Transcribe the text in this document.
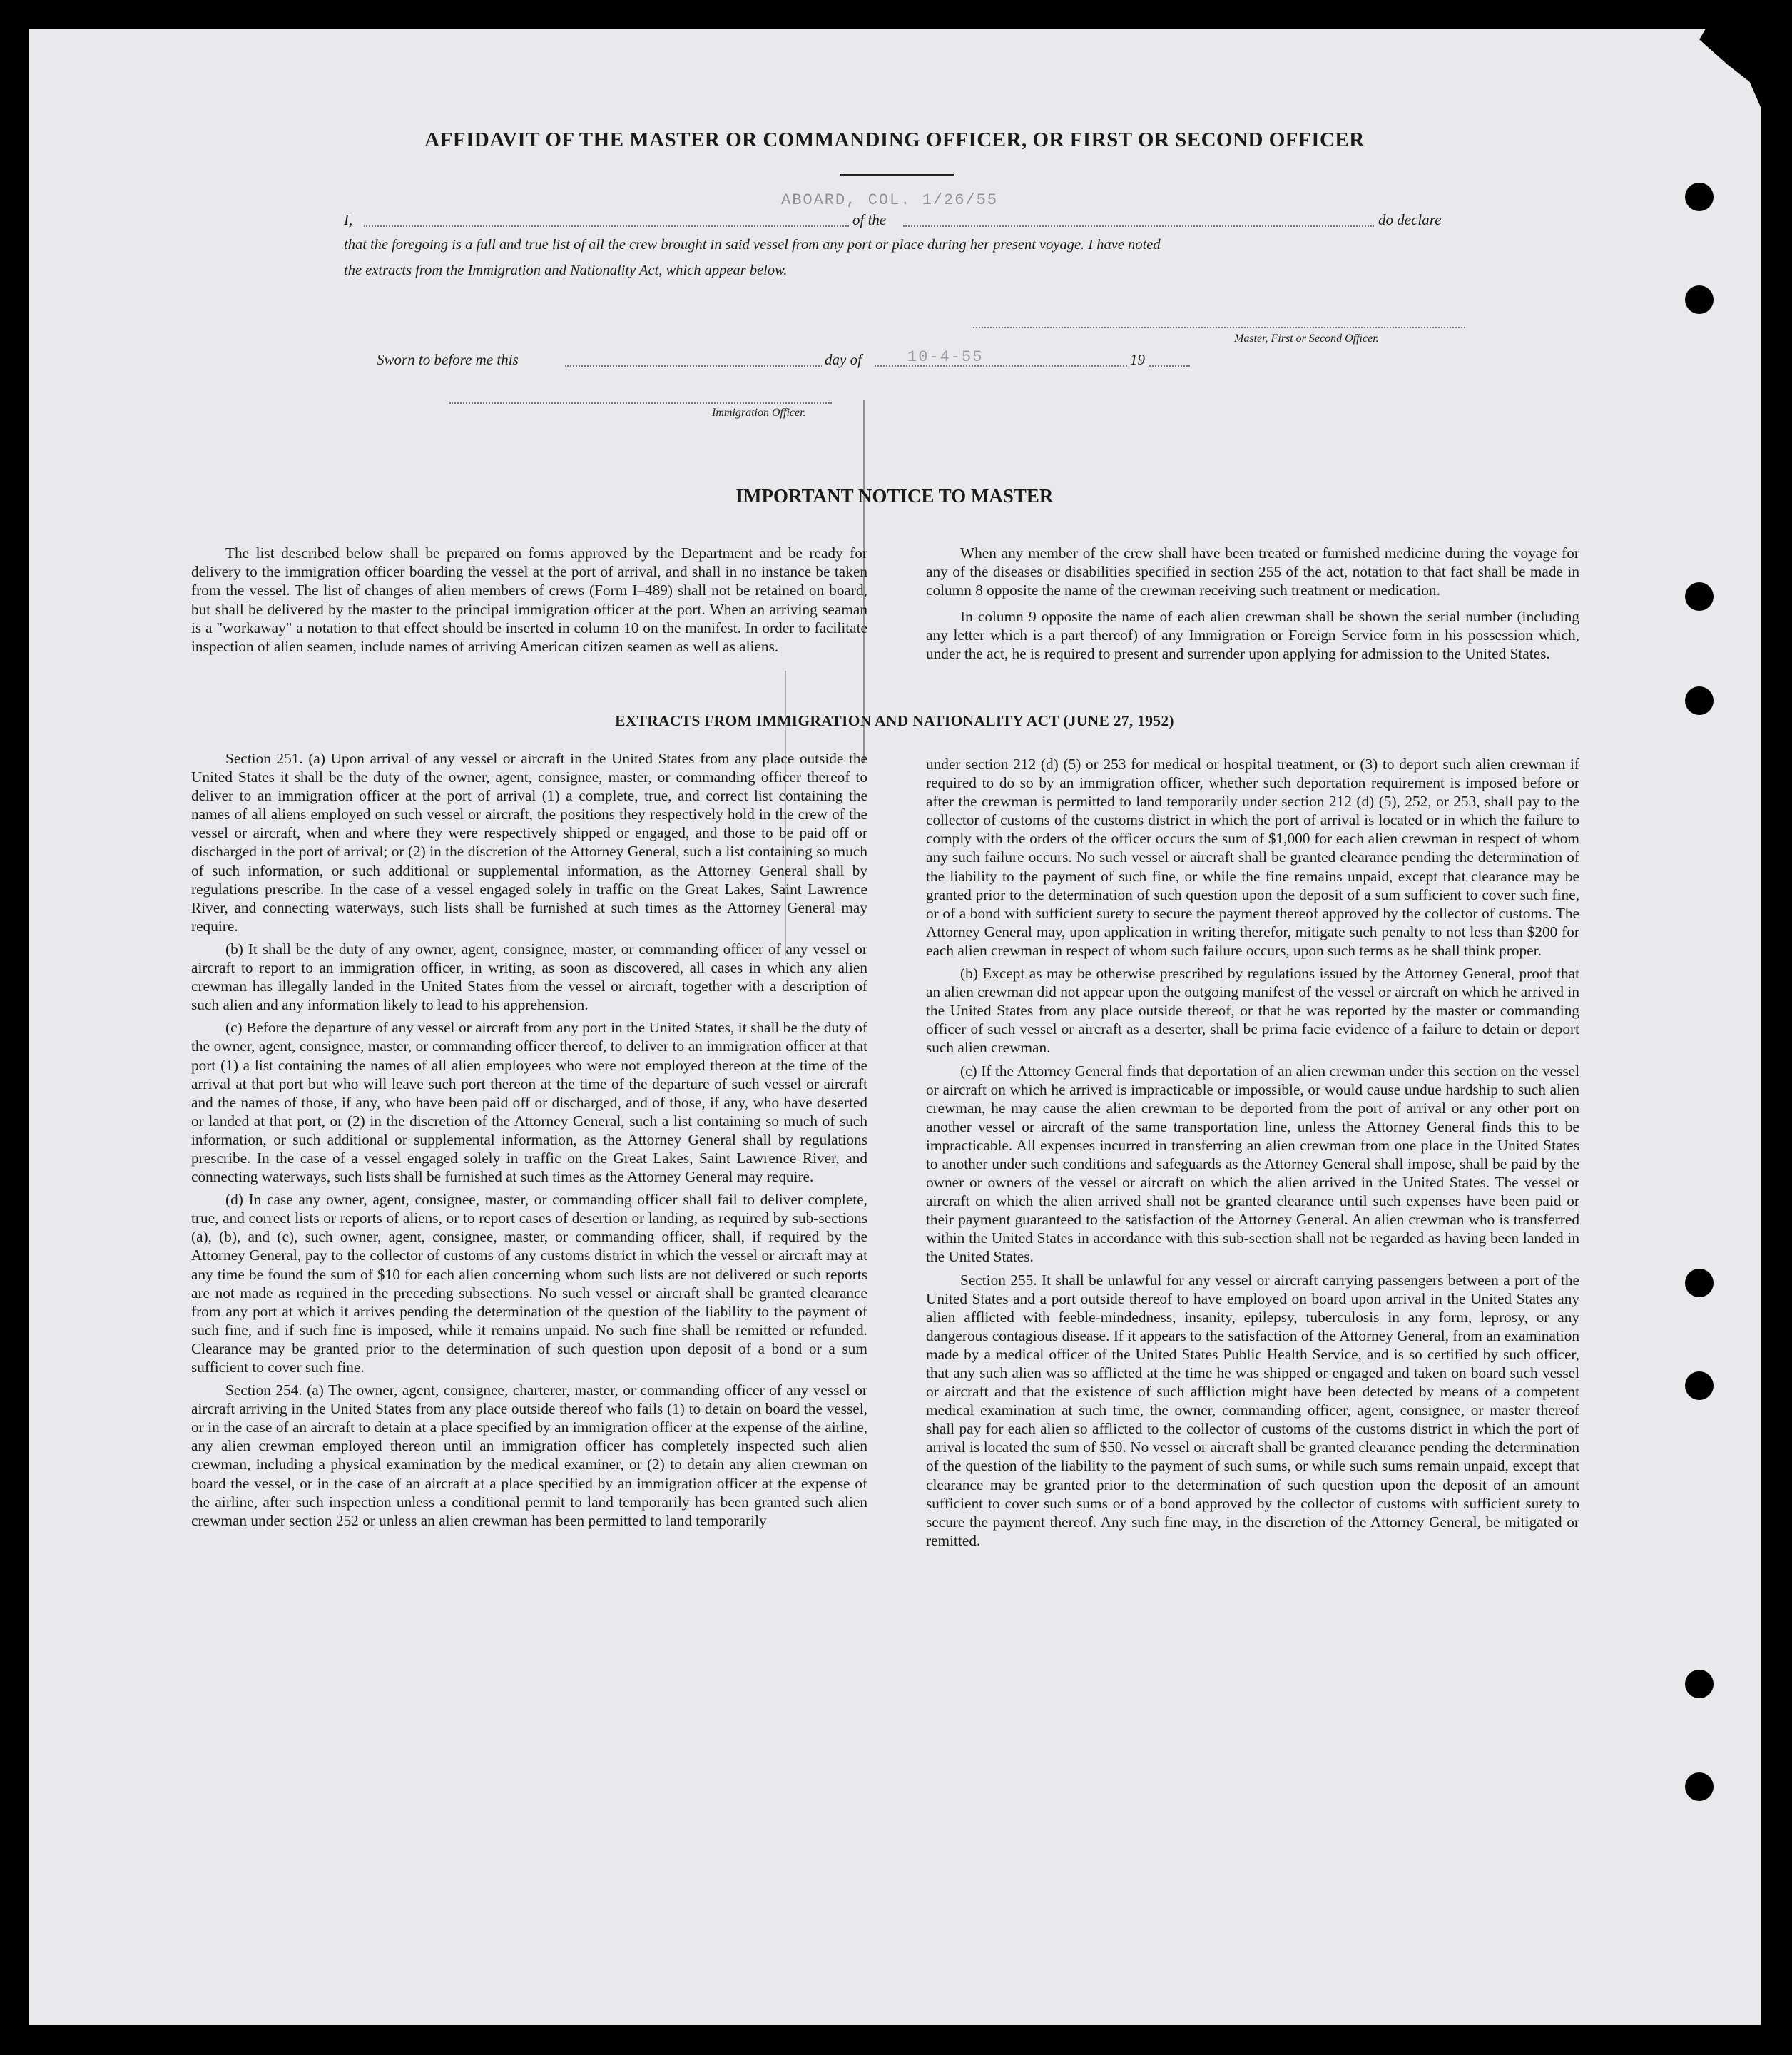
AFFIDAVIT OF THE MASTER OR COMMANDING OFFICER, OR FIRST OR SECOND OFFICER
I,	of the	do declare
ABOARD, COL. 1/26/55
that the foregoing is a full and true list of all the crew brought in said vessel from any port or place during her present voyage. I have noted
the extracts from the Immigration and Nationality Act, which appear below.
Master, First or Second Officer.
Sworn to before me this	day of	19
10-4-55
Immigration Officer.
IMPORTANT NOTICE TO MASTER

The list described below shall be prepared on forms approved by the Department and be ready for delivery to the immigration officer boarding the vessel at the port of arrival, and shall in no instance be taken from the vessel. The list of changes of alien members of crews (Form I–489) shall not be retained on board, but shall be delivered by the master to the principal immigration officer at the port. When an arriving seaman is a "workaway" a notation to that effect should be inserted in column 10 on the manifest. In order to facilitate inspection of alien seamen, include names of arriving American citizen seamen as well as aliens.

When any member of the crew shall have been treated or furnished medicine during the voyage for any of the diseases or disabilities specified in section 255 of the act, notation to that fact shall be made in column 8 opposite the name of the crewman receiving such treatment or medication.

In column 9 opposite the name of each alien crewman shall be shown the serial number (including any letter which is a part thereof) of any Immigration or Foreign Service form in his possession which, under the act, he is required to present and surrender upon applying for admission to the United States.

EXTRACTS FROM IMMIGRATION AND NATIONALITY ACT (JUNE 27, 1952)

Section 251. (a) Upon arrival of any vessel or aircraft in the United States from any place outside the United States it shall be the duty of the owner, agent, consignee, master, or commanding officer thereof to deliver to an immigration officer at the port of arrival (1) a complete, true, and correct list containing the names of all aliens employed on such vessel or aircraft, the positions they respectively hold in the crew of the vessel or aircraft, when and where they were respectively shipped or engaged, and those to be paid off or discharged in the port of arrival; or (2) in the discretion of the Attorney General, such a list containing so much of such information, or such additional or supplemental information, as the Attorney General shall by regulations prescribe. In the case of a vessel engaged solely in traffic on the Great Lakes, Saint Lawrence River, and connecting waterways, such lists shall be furnished at such times as the Attorney General may require.

(b) It shall be the duty of any owner, agent, consignee, master, or commanding officer of any vessel or aircraft to report to an immigration officer, in writing, as soon as discovered, all cases in which any alien crewman has illegally landed in the United States from the vessel or aircraft, together with a description of such alien and any information likely to lead to his apprehension.

(c) Before the departure of any vessel or aircraft from any port in the United States, it shall be the duty of the owner, agent, consignee, master, or commanding officer thereof, to deliver to an immigration officer at that port (1) a list containing the names of all alien employees who were not employed thereon at the time of the arrival at that port but who will leave such port thereon at the time of the departure of such vessel or aircraft and the names of those, if any, who have been paid off or discharged, and of those, if any, who have deserted or landed at that port, or (2) in the discretion of the Attorney General, such a list containing so much of such information, or such additional or supplemental information, as the Attorney General shall by regulations prescribe. In the case of a vessel engaged solely in traffic on the Great Lakes, Saint Lawrence River, and connecting waterways, such lists shall be furnished at such times as the Attorney General may require.

(d) In case any owner, agent, consignee, master, or commanding officer shall fail to deliver complete, true, and correct lists or reports of aliens, or to report cases of desertion or landing, as required by sub-sections (a), (b), and (c), such owner, agent, consignee, master, or commanding officer, shall, if required by the Attorney General, pay to the collector of customs of any customs district in which the vessel or aircraft may at any time be found the sum of $10 for each alien concerning whom such lists are not delivered or such reports are not made as required in the preceding subsections. No such vessel or aircraft shall be granted clearance from any port at which it arrives pending the determination of the question of the liability to the payment of such fine, and if such fine is imposed, while it remains unpaid. No such fine shall be remitted or refunded. Clearance may be granted prior to the determination of such question upon deposit of a bond or a sum sufficient to cover such fine.

Section 254. (a) The owner, agent, consignee, charterer, master, or commanding officer of any vessel or aircraft arriving in the United States from any place outside thereof who fails (1) to detain on board the vessel, or in the case of an aircraft to detain at a place specified by an immigration officer at the expense of the airline, any alien crewman employed thereon until an immigration officer has completely inspected such alien crewman, including a physical examination by the medical examiner, or (2) to detain any alien crewman on board the vessel, or in the case of an aircraft at a place specified by an immigration officer at the expense of the airline, after such inspection unless a conditional permit to land temporarily has been granted such alien crewman under section 252 or unless an alien crewman has been permitted to land temporarily

under section 212 (d) (5) or 253 for medical or hospital treatment, or (3) to deport such alien crewman if required to do so by an immigration officer, whether such deportation requirement is imposed before or after the crewman is permitted to land temporarily under section 212 (d) (5), 252, or 253, shall pay to the collector of customs of the customs district in which the port of arrival is located or in which the failure to comply with the orders of the officer occurs the sum of $1,000 for each alien crewman in respect of whom any such failure occurs. No such vessel or aircraft shall be granted clearance pending the determination of the liability to the payment of such fine, or while the fine remains unpaid, except that clearance may be granted prior to the determination of such question upon the deposit of a sum sufficient to cover such fine, or of a bond with sufficient surety to secure the payment thereof approved by the collector of customs. The Attorney General may, upon application in writing therefor, mitigate such penalty to not less than $200 for each alien crewman in respect of whom such failure occurs, upon such terms as he shall think proper.

(b) Except as may be otherwise prescribed by regulations issued by the Attorney General, proof that an alien crewman did not appear upon the outgoing manifest of the vessel or aircraft on which he arrived in the United States from any place outside thereof, or that he was reported by the master or commanding officer of such vessel or aircraft as a deserter, shall be prima facie evidence of a failure to detain or deport such alien crewman.

(c) If the Attorney General finds that deportation of an alien crewman under this section on the vessel or aircraft on which he arrived is impracticable or impossible, or would cause undue hardship to such alien crewman, he may cause the alien crewman to be deported from the port of arrival or any other port on another vessel or aircraft of the same transportation line, unless the Attorney General finds this to be impracticable. All expenses incurred in transferring an alien crewman from one place in the United States to another under such conditions and safeguards as the Attorney General shall impose, shall be paid by the owner or owners of the vessel or aircraft on which the alien arrived in the United States. The vessel or aircraft on which the alien arrived shall not be granted clearance until such expenses have been paid or their payment guaranteed to the satisfaction of the Attorney General. An alien crewman who is transferred within the United States in accordance with this sub-section shall not be regarded as having been landed in the United States.

Section 255. It shall be unlawful for any vessel or aircraft carrying passengers between a port of the United States and a port outside thereof to have employed on board upon arrival in the United States any alien afflicted with feeble-mindedness, insanity, epilepsy, tuberculosis in any form, leprosy, or any dangerous contagious disease. If it appears to the satisfaction of the Attorney General, from an examination made by a medical officer of the United States Public Health Service, and is so certified by such officer, that any such alien was so afflicted at the time he was shipped or engaged and taken on board such vessel or aircraft and that the existence of such affliction might have been detected by means of a competent medical examination at such time, the owner, commanding officer, agent, consignee, or master thereof shall pay for each alien so afflicted to the collector of customs of the customs district in which the port of arrival is located the sum of $50. No vessel or aircraft shall be granted clearance pending the determination of the question of the liability to the payment of such sums, or while such sums remain unpaid, except that clearance may be granted prior to the determination of such question upon the deposit of an amount sufficient to cover such sums or of a bond approved by the collector of customs with sufficient surety to secure the payment thereof. Any such fine may, in the discretion of the Attorney General, be mitigated or remitted.
